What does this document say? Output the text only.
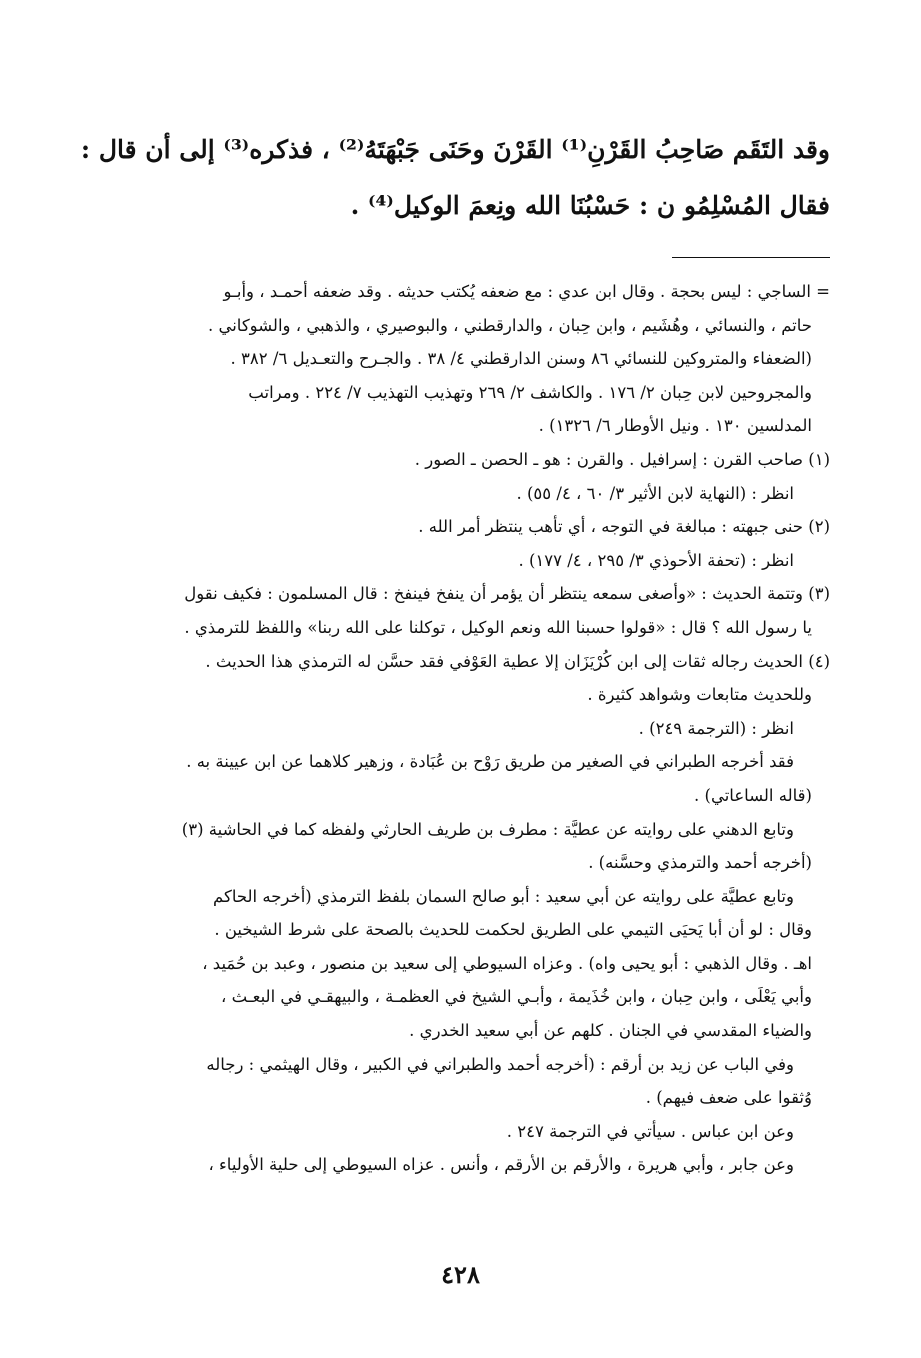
وقد التَقَم صَاحِبُ القَرْنِ⁽¹⁾ القَرْنَ وحَنَى جَبْهَتَهُ⁽²⁾ ، فذكره⁽³⁾ إلى أن قال :

فقال المُسْلِمُو ن : حَسْبُنَا الله ونِعمَ الوكيل⁽⁴⁾ .

= الساجي : ليس بحجة . وقال ابن عدي : مع ضعفه يُكتب حديثه . وقد ضعفه أحمـد ، وأبـو
حاتم ، والنسائي ، وهُشَيم ، وابن حِبان ، والدارقطني ، والبوصيري ، والذهبي ، والشوكاني .
(الضعفاء والمتروكين للنسائي ٨٦ وسنن الدارقطني ٤/ ٣٨ . والجـرح والتعـديل ٦/ ٣٨٢ .
والمجروحين لابن حِبان ٢/ ١٧٦ . والكاشف ٢/ ٢٦٩ وتهذيب التهذيب ٧/ ٢٢٤ . ومراتب
المدلسين ١٣٠ . ونيل الأوطار ٦/ ١٣٢٦) .
(١) صاحب القرن : إسرافيل . والقرن : هو ـ الحصن ـ الصور .
انظر : (النهاية لابن الأثير ٣/ ٦٠ ، ٤/ ٥٥) .
(٢) حنى جبهته : مبالغة في التوجه ، أي تأهب ينتظر أمر الله .
انظر : (تحفة الأحوذي ٣/ ٢٩٥ ، ٤/ ١٧٧) .
(٣) وتتمة الحديث : «وأصغى سمعه ينتظر أن يؤمر أن ينفخ فينفخ : قال المسلمون : فكيف نقول
يا رسول الله ؟ قال : «قولوا حسبنا الله ونعم الوكيل ، توكلنا على الله ربنا» واللفظ للترمذي .
(٤) الحديث رجاله ثقات إلى ابن كُرْيَزَان إلا عطية العَوْفي فقد حسَّن له الترمذي هذا الحديث .
وللحديث متابعات وشواهد كثيرة .
انظر : (الترجمة ٢٤٩) .
فقد أخرجه الطبراني في الصغير من طريق رَوْح بن عُبَادة ، وزهير كلاهما عن ابن عيينة به .
(قاله الساعاتي) .
وتابع الدهني على روايته عن عطيَّة : مطرف بن طريف الحارثي ولفظه كما في الحاشية (٣)
(أخرجه أحمد والترمذي وحسَّنه) .
وتابع عطيَّة على روايته عن أبي سعيد : أبو صالح السمان بلفظ الترمذي (أخرجه الحاكم
وقال : لو أن أبا يَحيَى التيمي على الطريق لحكمت للحديث بالصحة على شرط الشيخين .
اهـ . وقال الذهبي : أبو يحيى واه) . وعزاه السيوطي إلى سعيد بن منصور ، وعبد بن حُمَيد ،
وأبي يَعْلَى ، وابن حِبان ، وابن خُذَيمة ، وأبـي الشيخ في العظمـة ، والبيهقـي في البعـث ،
والضياء المقدسي في الجنان . كلهم عن أبي سعيد الخدري .
وفي الباب عن زيد بن أرقم : (أخرجه أحمد والطبراني في الكبير ، وقال الهيثمي : رجاله
وُثقوا على ضعف فيهم) .
وعن ابن عباس . سيأتي في الترجمة ٢٤٧ .
وعن جابر ، وأبي هريرة ، والأرقم بن الأرقم ، وأنس . عزاه السيوطي إلى حلية الأولياء ،
٤٢٨
